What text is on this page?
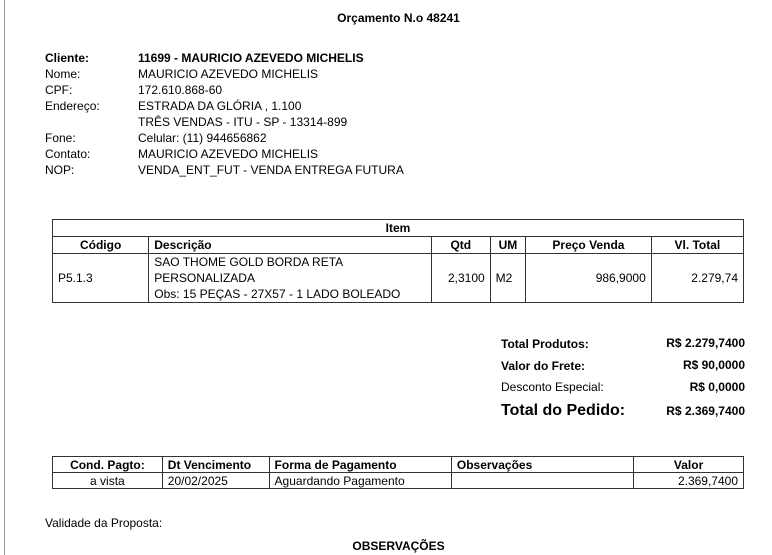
Orçamento N.o 48241
Cliente:	11699 - MAURICIO AZEVEDO MICHELIS
Nome:	MAURICIO AZEVEDO MICHELIS
CPF:	172.610.868-60
Endereço:	ESTRADA DA GLÓRIA , 1.100
TRÊS VENDAS - ITU - SP - 13314-899
Fone:	Celular: (11) 944656862
Contato:	MAURICIO AZEVEDO MICHELIS
NOP:	VENDA_ENT_FUT - VENDA ENTREGA FUTURA
Item					
Código	Descrição	Qtd	UM	Preço Venda	Vl. Total
P5.1.3	SAO THOME GOLD BORDA RETA
PERSONALIZADA
Obs: 15 PEÇAS - 27X57 - 1 LADO BOLEADO	2,3100	M2	986,9000	2.279,74
Total Produtos:	R$ 2.279,7400
Valor do Frete:	R$ 90,0000
Desconto Especial:	R$ 0,0000
Total do Pedido:	R$ 2.369,7400
Cond. Pagto:	Dt Vencimento	Forma de Pagamento	Observações	Valor
a vista	20/02/2025	Aguardando Pagamento		2.369,7400
Validade da Proposta:
OBSERVAÇÕES
